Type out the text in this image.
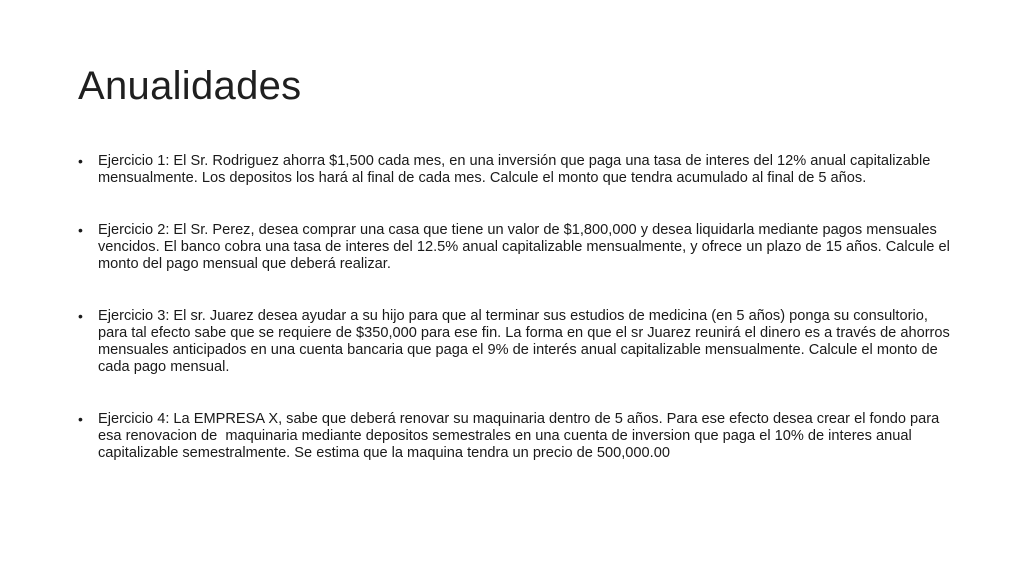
Anualidades
• Ejercicio 1: El Sr. Rodriguez ahorra $1,500 cada mes, en una inversión que paga una tasa de interes del 12% anual capitalizable mensualmente. Los depositos los hará al final de cada mes. Calcule el monto que tendra acumulado al final de 5 años.
• Ejercicio 2: El Sr. Perez, desea comprar una casa que tiene un valor de $1,800,000 y desea liquidarla mediante pagos mensuales vencidos. El banco cobra una tasa de interes del 12.5% anual capitalizable mensualmente, y ofrece un plazo de 15 años. Calcule el monto del pago mensual que deberá realizar.
• Ejercicio 3: El sr. Juarez desea ayudar a su hijo para que al terminar sus estudios de medicina (en 5 años) ponga su consultorio, para tal efecto sabe que se requiere de $350,000 para ese fin. La forma en que el sr Juarez reunirá el dinero es a través de ahorros mensuales anticipados en una cuenta bancaria que paga el 9% de interés anual capitalizable mensualmente. Calcule el monto de cada pago mensual.
• Ejercicio 4: La EMPRESA X, sabe que deberá renovar su maquinaria dentro de 5 años. Para ese efecto desea crear el fondo para esa renovacion de  maquinaria mediante depositos semestrales en una cuenta de inversion que paga el 10% de interes anual capitalizable semestralmente. Se estima que la maquina tendra un precio de 500,000.00
